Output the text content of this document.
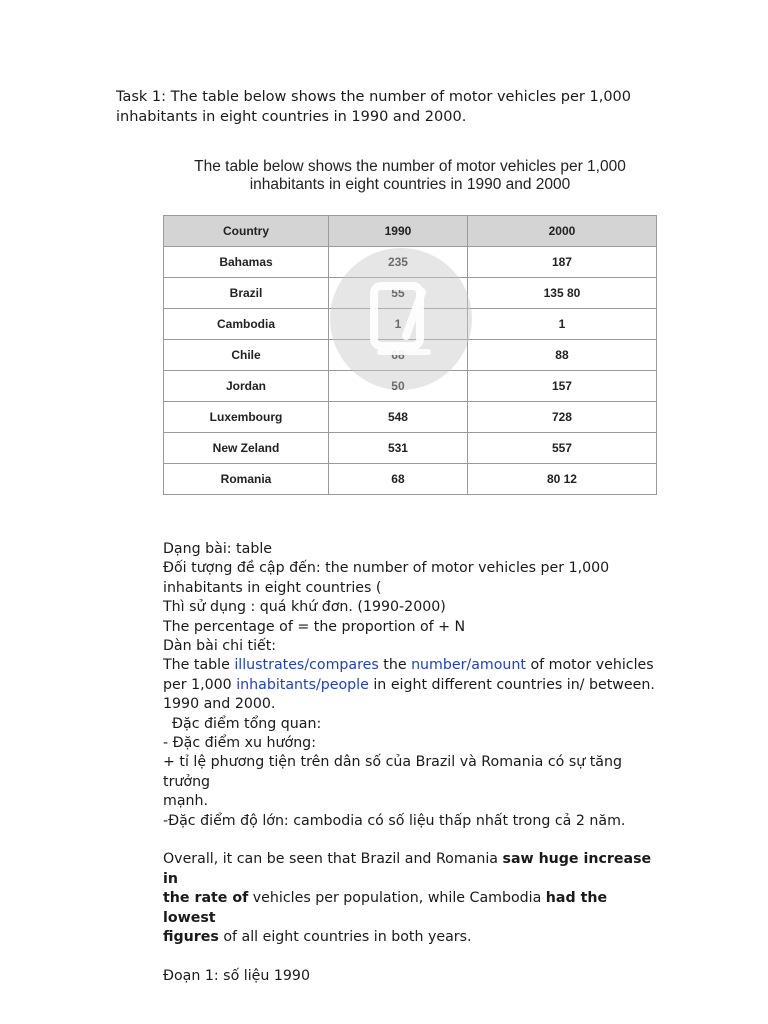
Task 1: The table below shows the number of motor vehicles per 1,000

inhabitants in eight countries in 1990 and 2000.

The table below shows the number of motor vehicles per 1,000
inhabitants in eight countries in 1990 and 2000
Country	1990	2000
Bahamas	235	187
Brazil	55	135 80
Cambodia	1	1
Chile	68	88
Jordan	50	157
Luxembourg	548	728
New Zeland	531	557
Romania	68	80 12

Dạng bài: table

Đối tượng đề cập đến: the number of motor vehicles per 1,000

inhabitants in eight countries (

Thì sử dụng : quá khứ đơn. (1990-2000)

The percentage of = the proportion of + N

Dàn bài chi tiết:

The table illustrates/compares the number/amount of motor vehicles

per 1,000 inhabitants/people in eight different countries in/ between.

1990 and 2000.

Đặc điểm tổng quan:

- Đặc điểm xu hướng:

+ tỉ lệ phương tiện trên dân số của Brazil và Romania có sự tăng trưởng

mạnh.

-Đặc điểm độ lớn: cambodia có số liệu thấp nhất trong cả 2 năm.

Overall, it can be seen that Brazil and Romania saw huge increase in

the rate of vehicles per population, while Cambodia had the lowest

figures of all eight countries in both years.

Đoạn 1: số liệu 1990
